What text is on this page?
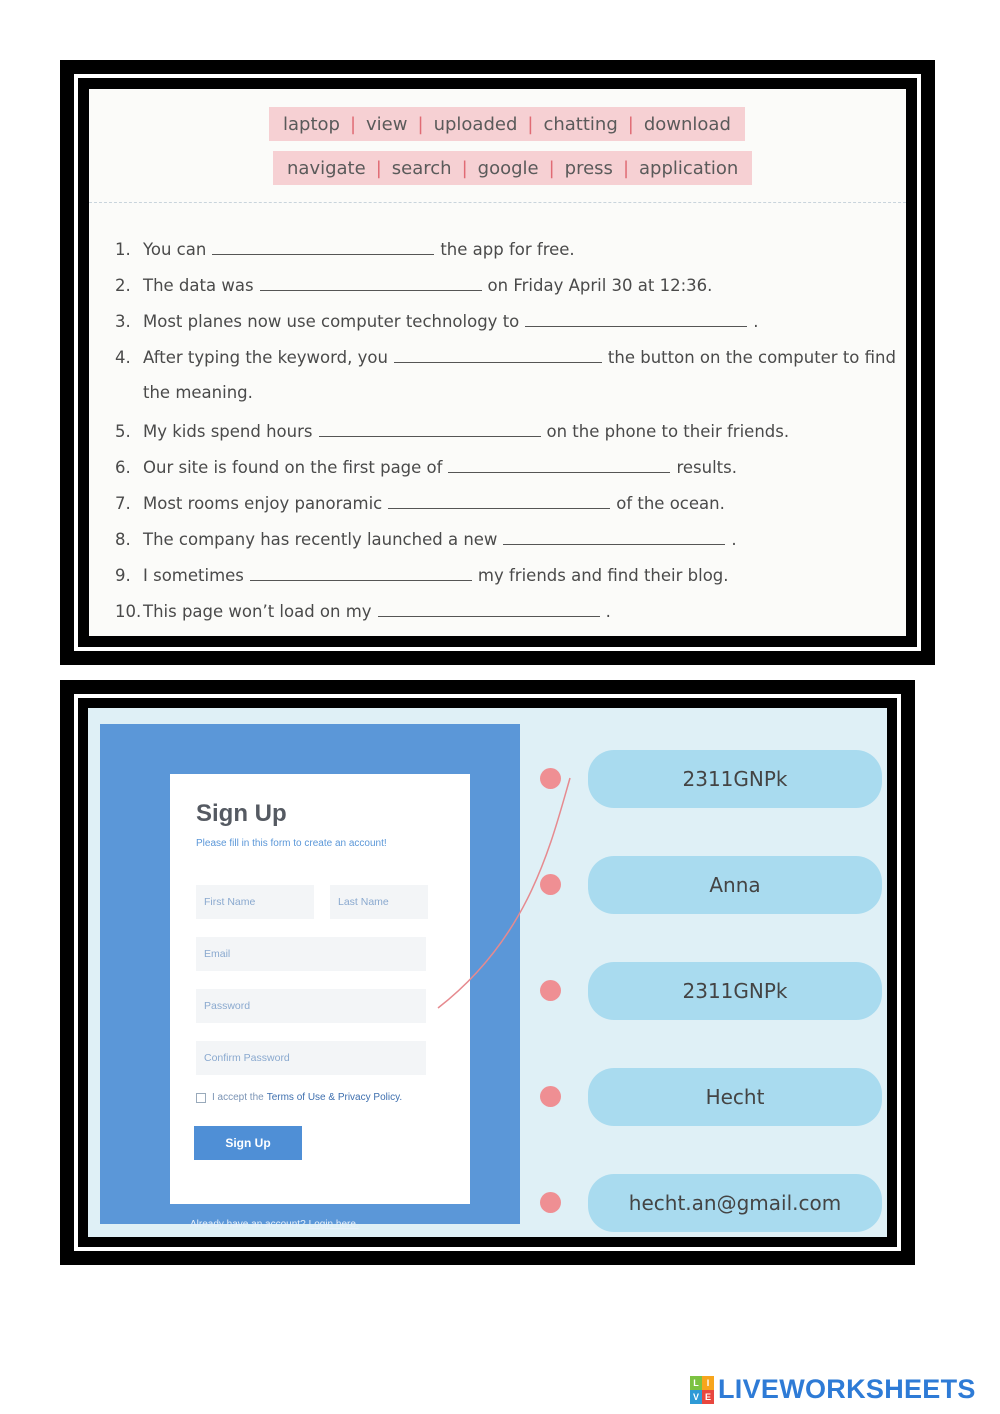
laptop | view | uploaded | chatting | download
navigate | search | google | press | application
1. You can	the app for free.
2. The data was	on Friday April 30 at 12:36.
3. Most planes now use computer technology to	.
4. After typing the keyword, you	the button on the computer to find
the meaning.
5. My kids spend hours	on the phone to their friends.
6. Our site is found on the first page of	results.
7. Most rooms enjoy panoramic	of the ocean.
8. The company has recently launched a new	.
9. I sometimes	my friends and find their blog.
10. This page won’t load on my	.
Sign Up
Please fill in this form to create an account!
First Name	Last Name
Email
Password
Confirm Password
I accept the Terms of Use & Privacy Policy.
Sign Up
Already have an account? Login here.
2311GNPk
Anna
2311GNPk
Hecht
hecht.an@gmail.com
L I
V E LIVEWORKSHEETS
